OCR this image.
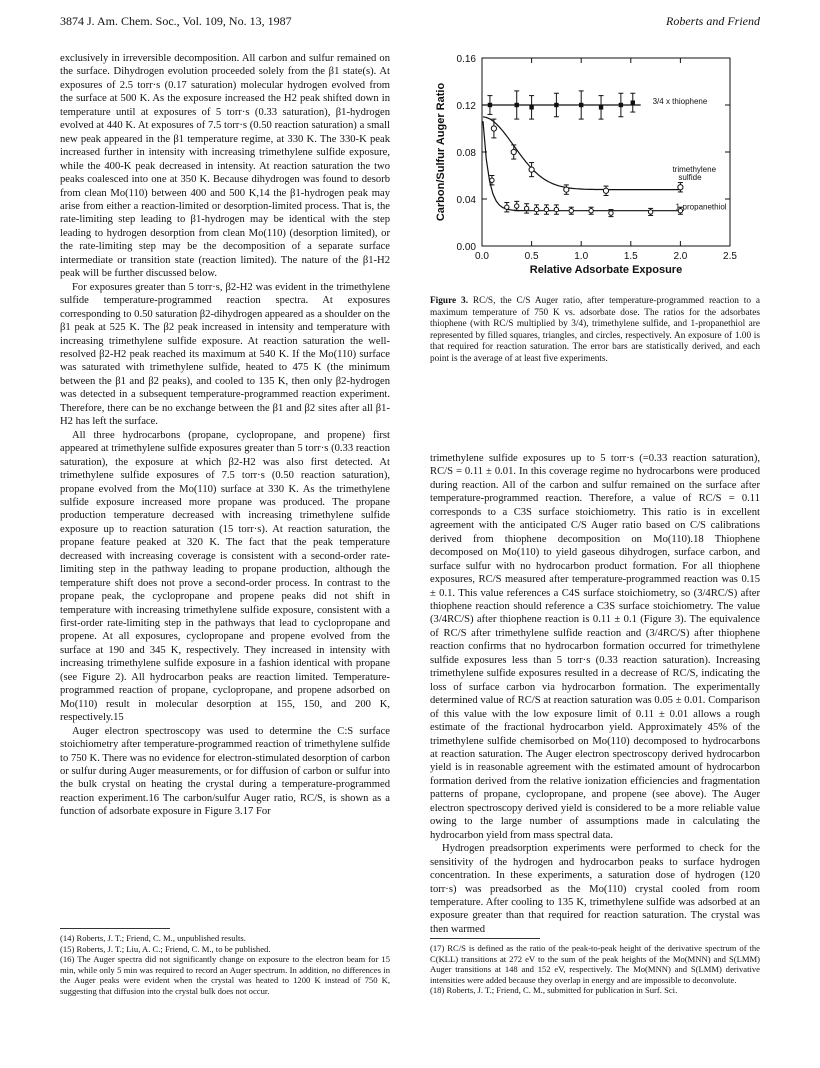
3874 J. Am. Chem. Soc., Vol. 109, No. 13, 1987	Roberts and Friend

exclusively in irreversible decomposition. All carbon and sulfur remained on the surface. Dihydrogen evolution proceeded solely from the β1 state(s). At exposures of 2.5 torr·s (0.17 saturation) molecular hydrogen evolved from the surface at 500 K. As the exposure increased the H2 peak shifted down in temperature until at exposures of 5 torr·s (0.33 saturation), β1-hydrogen evolved at 440 K. At exposures of 7.5 torr·s (0.50 reaction saturation) a small new peak appeared in the β1 temperature regime, at 330 K. The 330-K peak increased further in intensity with increasing trimethylene sulfide exposure, while the 400-K peak decreased in intensity. At reaction saturation the two peaks coalesced into one at 350 K. Because dihydrogen was found to desorb from clean Mo(110) between 400 and 500 K,14 the β1-hydrogen peak may arise from either a reaction-limited or desorption-limited process. That is, the rate-limiting step leading to β1-hydrogen may be identical with the step leading to hydrogen desorption from clean Mo(110) (desorption limited), or the rate-limiting step may be the decomposition of a separate surface intermediate or transition state (reaction limited). The nature of the β1-H2 peak will be further discussed below.

For exposures greater than 5 torr·s, β2-H2 was evident in the trimethylene sulfide temperature-programmed reaction spectra. At exposures corresponding to 0.50 saturation β2-dihydrogen appeared as a shoulder on the β1 peak at 525 K. The β2 peak increased in intensity and temperature with increasing trimethylene sulfide exposure. At reaction saturation the well-resolved β2-H2 peak reached its maximum at 540 K. If the Mo(110) surface was saturated with trimethylene sulfide, heated to 475 K (the minimum between the β1 and β2 peaks), and cooled to 135 K, then only β2-hydrogen was detected in a subsequent temperature-programmed reaction experiment. Therefore, there can be no exchange between the β1 and β2 sites after all β1-H2 has left the surface.

All three hydrocarbons (propane, cyclopropane, and propene) first appeared at trimethylene sulfide exposures greater than 5 torr·s (0.33 reaction saturation), the exposure at which β2-H2 was also first detected. At trimethylene sulfide exposures of 7.5 torr·s (0.50 reaction saturation), propane evolved from the Mo(110) surface at 330 K. As the trimethylene sulfide exposure increased more propane was produced. The propane production temperature decreased with increasing trimethylene sulfide exposure up to reaction saturation (15 torr·s). At reaction saturation, the propane feature peaked at 320 K. The fact that the peak temperature decreased with increasing coverage is consistent with a second-order rate-limiting step in the pathway leading to propane production, although the temperature shift does not prove a second-order process. In contrast to the propane peak, the cyclopropane and propene peaks did not shift in temperature with increasing trimethylene sulfide exposure, consistent with a first-order rate-limiting step in the pathways that lead to cyclopropane and propene. At all exposures, cyclopropane and propene evolved from the surface at 190 and 345 K, respectively. They increased in intensity with increasing trimethylene sulfide exposure in a fashion identical with propane (see Figure 2). All hydrocarbon peaks are reaction limited. Temperature-programmed reaction of propane, cyclopropane, and propene adsorbed on Mo(110) result in molecular desorption at 155, 150, and 200 K, respectively.15

Auger electron spectroscopy was used to determine the C:S surface stoichiometry after temperature-programmed reaction of trimethylene sulfide to 750 K. There was no evidence for electron-stimulated desorption of carbon or sulfur during Auger measurements, or for diffusion of carbon or sulfur into the bulk crystal on heating the crystal during a temperature-programmed reaction experiment.16 The carbon/sulfur Auger ratio, RC/S, is shown as a function of adsorbate exposure in Figure 3.17 For

0.00
0.04
0.08
0.12
0.16
0.0	0.5	1.0	1.5	2.0	2.5
Relative Adsorbate Exposure
Carbon/Sulfur Auger Ratio	3/4 x thiophene
trimethylene
sulfide
1-propanethiol
Figure 3. RC/S, the C/S Auger ratio, after temperature-programmed reaction to a maximum temperature of 750 K vs. adsorbate dose. The ratios for the adsorbates thiophene (with RC/S multiplied by 3/4), trimethylene sulfide, and 1-propanethiol are represented by filled squares, triangles, and circles, respectively. An exposure of 1.00 is that required for reaction saturation. The error bars are statistically derived, and each point is the average of at least five experiments.

trimethylene sulfide exposures up to 5 torr·s (=0.33 reaction saturation), RC/S = 0.11 ± 0.01. In this coverage regime no hydrocarbons were produced during reaction. All of the carbon and sulfur remained on the surface after temperature-programmed reaction. Therefore, a value of RC/S = 0.11 corresponds to a C3S surface stoichiometry. This ratio is in excellent agreement with the anticipated C/S Auger ratio based on C/S calibrations derived from thiophene decomposition on Mo(110).18 Thiophene decomposed on Mo(110) to yield gaseous dihydrogen, surface carbon, and surface sulfur with no hydrocarbon product formation. For all thiophene exposures, RC/S measured after temperature-programmed reaction was 0.15 ± 0.1. This value references a C4S surface stoichiometry, so (3/4RC/S) after thiophene reaction should reference a C3S surface stoichiometry. The value (3/4RC/S) after thiophene reaction is 0.11 ± 0.1 (Figure 3). The equivalence of RC/S after trimethylene sulfide reaction and (3/4RC/S) after thiophene reaction confirms that no hydrocarbon formation occurred for trimethylene sulfide exposures less than 5 torr·s (0.33 reaction saturation). Increasing trimethylene sulfide exposures resulted in a decrease of RC/S, indicating the loss of surface carbon via hydrocarbon formation. The experimentally determined value of RC/S at reaction saturation was 0.05 ± 0.01. Comparison of this value with the low exposure limit of 0.11 ± 0.01 allows a rough estimate of the fractional hydrocarbon yield. Approximately 45% of the trimethylene sulfide chemisorbed on Mo(110) decomposed to hydrocarbons at reaction saturation. The Auger electron spectroscopy derived hydrocarbon yield is in reasonable agreement with the estimated amount of hydrocarbon formation derived from the relative ionization efficiencies and fragmentation patterns of propane, cyclopropane, and propene (see above). The Auger electron spectroscopy derived yield is considered to be a more reliable value owing to the large number of assumptions made in calculating the hydrocarbon yield from mass spectral data.

Hydrogen preadsorption experiments were performed to check for the sensitivity of the hydrogen and hydrocarbon peaks to surface hydrogen concentration. In these experiments, a saturation dose of hydrogen (120 torr·s) was preadsorbed as the Mo(110) crystal cooled from room temperature. After cooling to 135 K, trimethylene sulfide was adsorbed at an exposure greater than that required for reaction saturation. The crystal was then warmed

(14) Roberts, J. T.; Friend, C. M., unpublished results.

(15) Roberts, J. T.; Liu, A. C.; Friend, C. M., to be published.

(16) The Auger spectra did not significantly change on exposure to the electron beam for 15 min, while only 5 min was required to record an Auger spectrum. In addition, no differences in the Auger peaks were evident when the crystal was heated to 1200 K instead of 750 K, suggesting that diffusion into the crystal bulk does not occur.

(17) RC/S is defined as the ratio of the peak-to-peak height of the derivative spectrum of the C(KLL) transitions at 272 eV to the sum of the peak heights of the Mo(MNN) and S(LMM) Auger transitions at 148 and 152 eV, respectively. The Mo(MNN) and S(LMM) derivative intensities were added because they overlap in energy and are impossible to deconvolute.

(18) Roberts, J. T.; Friend, C. M., submitted for publication in Surf. Sci.
